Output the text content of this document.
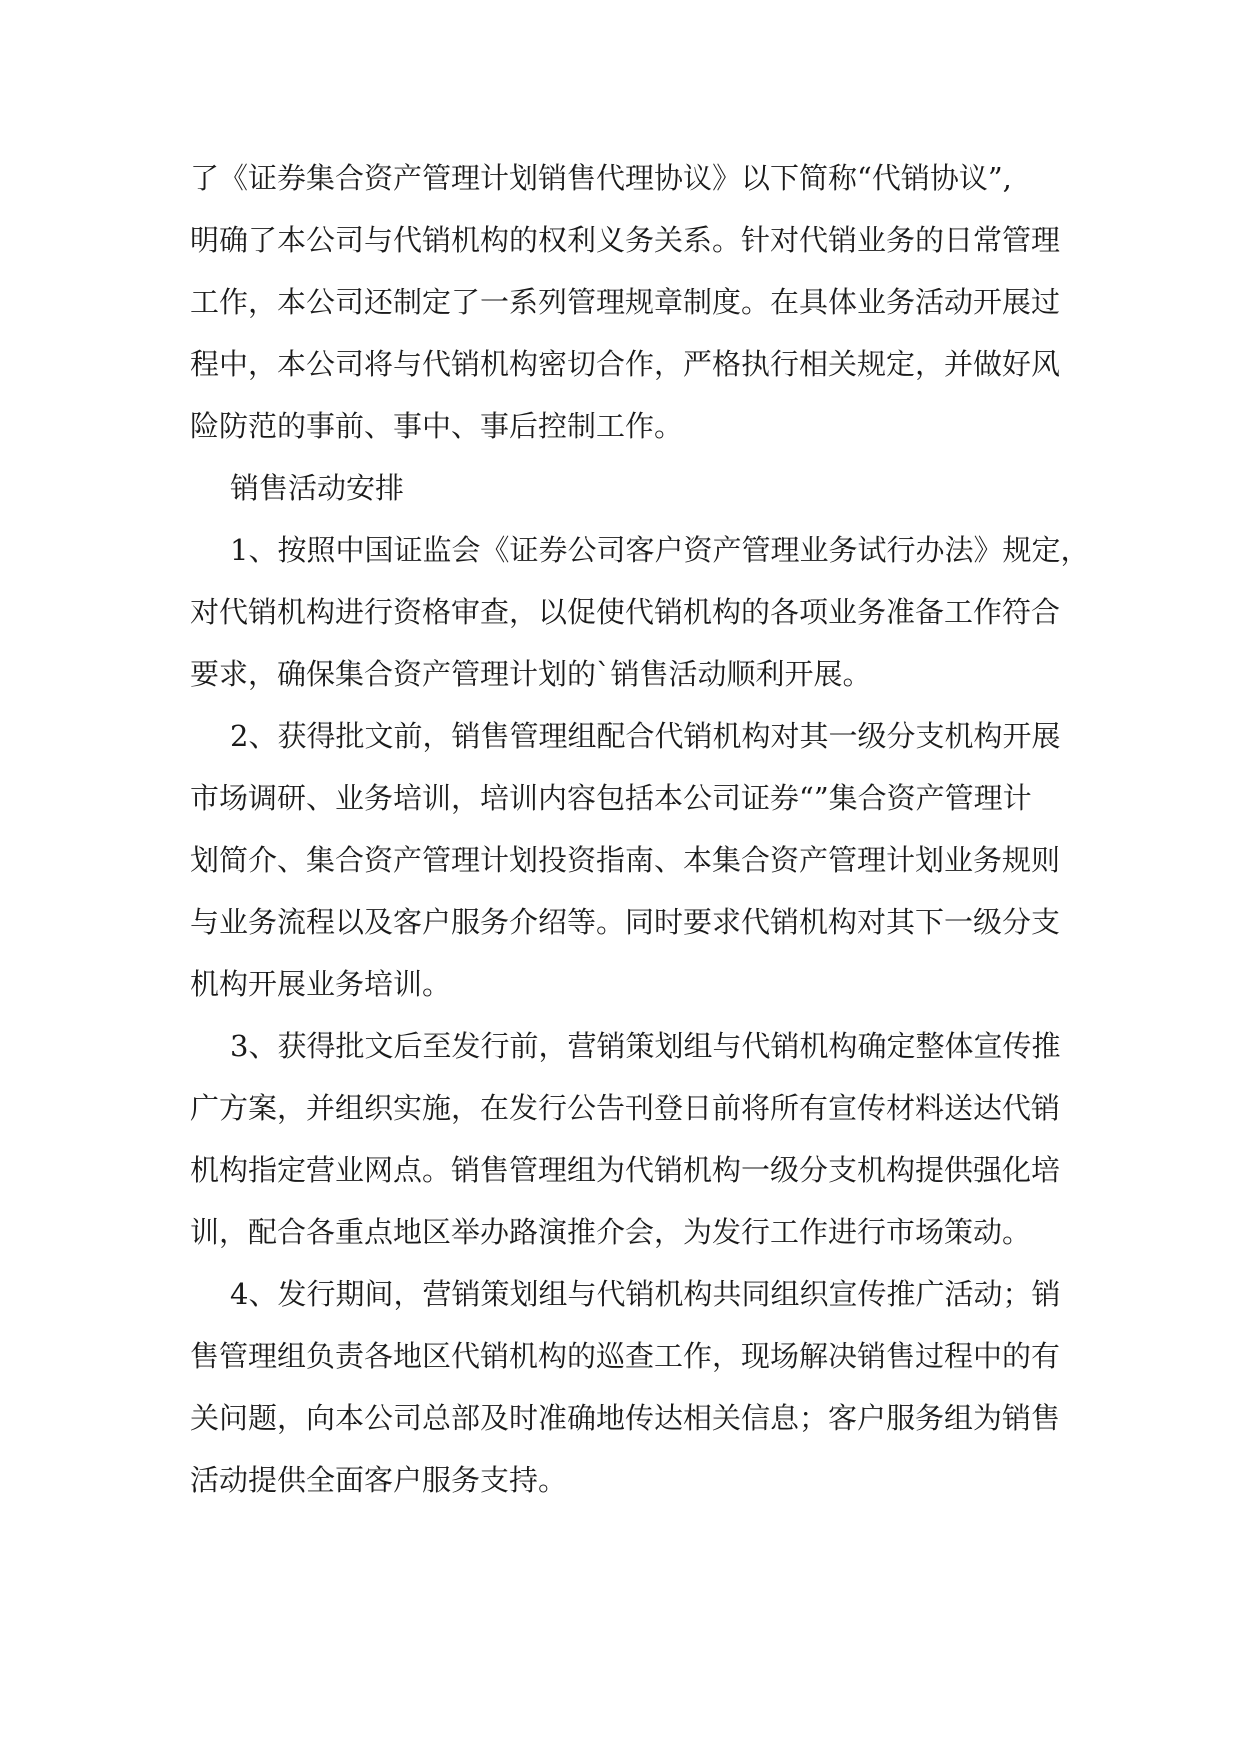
了《证券集合资产管理计划销售代理协议》以下简称“代销协议”,
明确了本公司与代销机构的权利义务关系。针对代销业务的日常管理
工作，本公司还制定了一系列管理规章制度。在具体业务活动开展过
程中，本公司将与代销机构密切合作，严格执行相关规定，并做好风
险防范的事前、事中、事后控制工作。
销售活动安排
1、按照中国证监会《证券公司客户资产管理业务试行办法》规定，
对代销机构进行资格审查，以促使代销机构的各项业务准备工作符合
要求，确保集合资产管理计划的`销售活动顺利开展。
2、获得批文前，销售管理组配合代销机构对其一级分支机构开展
市场调研、业务培训，培训内容包括本公司证券“”集合资产管理计
划简介、集合资产管理计划投资指南、本集合资产管理计划业务规则
与业务流程以及客户服务介绍等。同时要求代销机构对其下一级分支
机构开展业务培训。
3、获得批文后至发行前，营销策划组与代销机构确定整体宣传推
广方案，并组织实施，在发行公告刊登日前将所有宣传材料送达代销
机构指定营业网点。销售管理组为代销机构一级分支机构提供强化培
训，配合各重点地区举办路演推介会，为发行工作进行市场策动。
4、发行期间，营销策划组与代销机构共同组织宣传推广活动；销
售管理组负责各地区代销机构的巡查工作，现场解决销售过程中的有
关问题，向本公司总部及时准确地传达相关信息；客户服务组为销售
活动提供全面客户服务支持。
